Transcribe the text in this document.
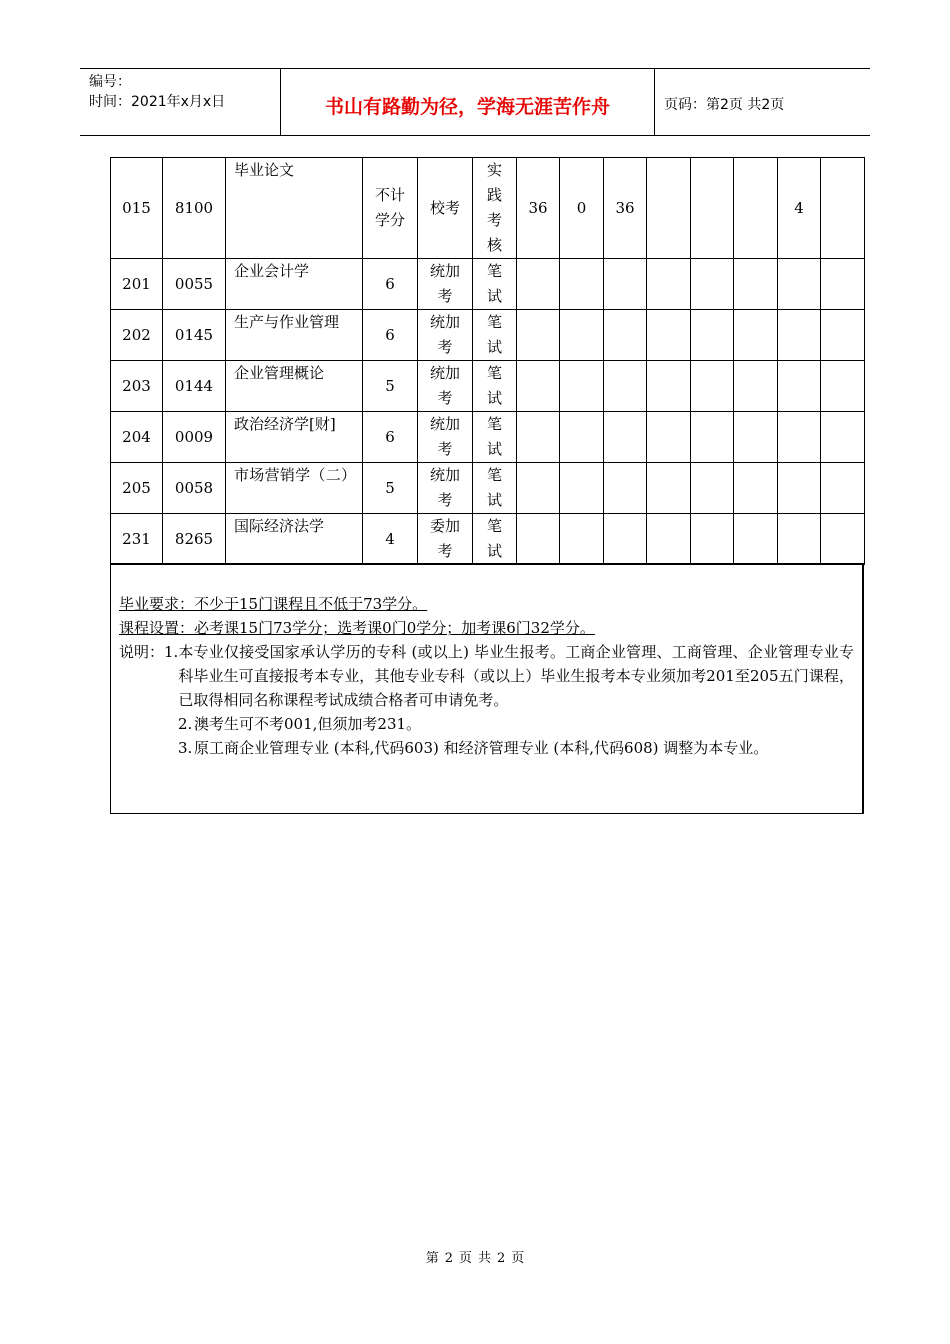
编号：
时间：2021年x月x日	书山有路勤为径，学海无涯苦作舟	页码：第2页 共2页
015	8100	毕业论文	不计学分	校考	实践考核	36	0	36				4	
201	0055	企业会计学	6	统加考	笔试								
202	0145	生产与作业管理	6	统加考	笔试								
203	0144	企业管理概论	5	统加考	笔试								
204	0009	政治经济学[财]	6	统加考	笔试								
205	0058	市场营销学（二）	5	统加考	笔试								
231	8265	国际经济法学	4	委加考	笔试								
毕业要求：不少于15门课程且不低于73学分。
课程设置：必考课15门73学分；选考课0门0学分；加考课6门32学分。
说明： 1. 本专业仅接受国家承认学历的专科 (或以上) 毕业生报考。工商企业管理、工商管理、企业管理专业专科毕业生可直接报考本专业，其他专业专科（或以上）毕业生报考本专业须加考201至205五门课程，已取得相同名称课程考试成绩合格者可申请免考。
2. 澳考生可不考001,但须加考231。
3. 原工商企业管理专业 (本科,代码603) 和经济管理专业 (本科,代码608) 调整为本专业。
第 2 页 共 2 页
